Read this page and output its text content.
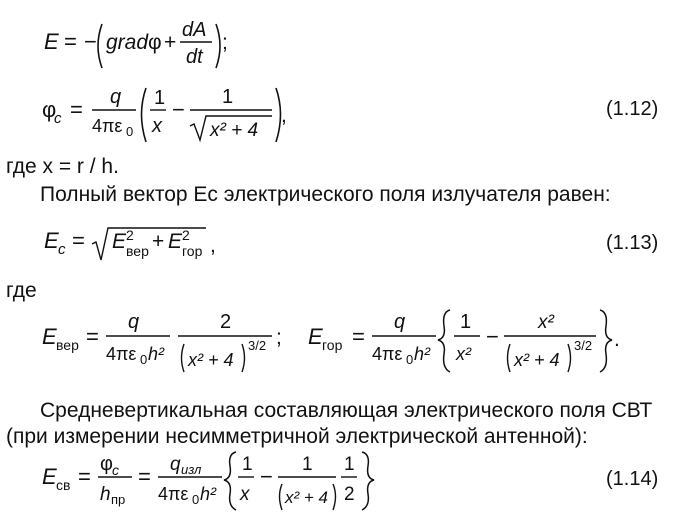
E = − grad φ +
dA
dt
;
φ
c = q
4πε 0
1
x
− 1
x² + 4
,	(1.12)
где x = r / h.
Полный вектор Eс электрического поля излучателя равен:
E c = E 2
вер + E 2
гор ,	(1.13)
где
E вер =
q
4πε 0 h²
2
x² + 4
3/2 ; E гор =
q
4πε 0 h²
1
x²
−
x²
x² + 4
3/2 .
Средневертикальная составляющая электрического поля СВТ
(при измерении несимметричной электрической антенной):
E св = φ c
h пр
= q изл
4πε 0 h²
1
x
− 1
x² + 4
1
2
(1.14)
